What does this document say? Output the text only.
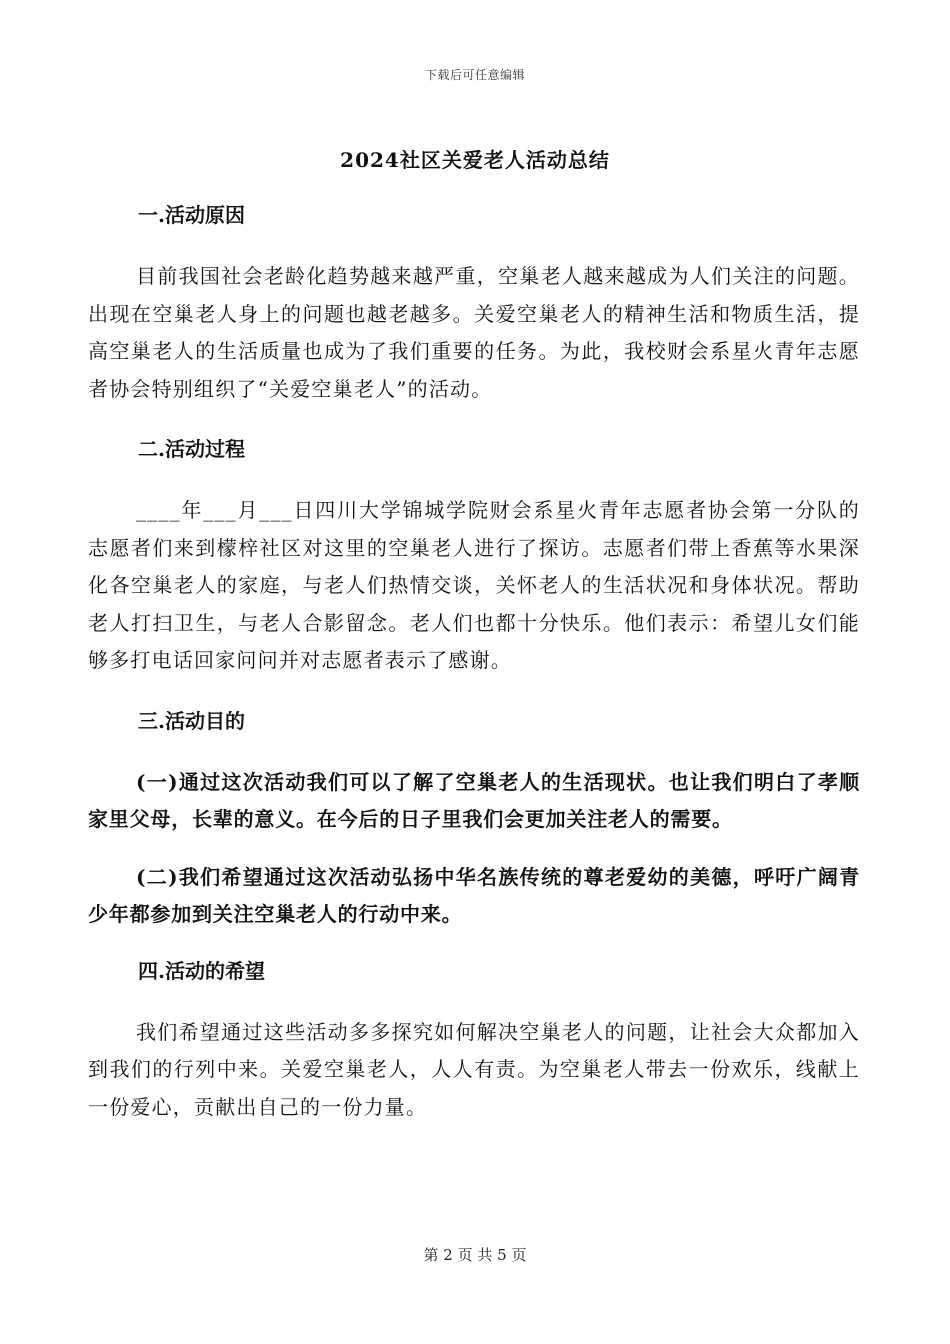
下载后可任意编辑
2024社区关爱老人活动总结
一.活动原因

目前我国社会老龄化趋势越来越严重，空巢老人越来越成为人们关注的问题。出现在空巢老人身上的问题也越老越多。关爱空巢老人的精神生活和物质生活，提高空巢老人的生活质量也成为了我们重要的任务。为此，我校财会系星火青年志愿者协会特别组织了“关爱空巢老人”的活动。

二.活动过程

____年___月___日四川大学锦城学院财会系星火青年志愿者协会第一分队的志愿者们来到檬梓社区对这里的空巢老人进行了探访。志愿者们带上香蕉等水果深化各空巢老人的家庭，与老人们热情交谈，关怀老人的生活状况和身体状况。帮助老人打扫卫生，与老人合影留念。老人们也都十分快乐。他们表示：希望儿女们能够多打电话回家问问并对志愿者表示了感谢。

三.活动目的

(一)通过这次活动我们可以了解了空巢老人的生活现状。也让我们明白了孝顺家里父母，长辈的意义。在今后的日子里我们会更加关注老人的需要。

(二)我们希望通过这次活动弘扬中华名族传统的尊老爱幼的美德，呼吁广阔青少年都参加到关注空巢老人的行动中来。

四.活动的希望

我们希望通过这些活动多多探究如何解决空巢老人的问题，让社会大众都加入到我们的行列中来。关爱空巢老人，人人有责。为空巢老人带去一份欢乐，线献上一份爱心，贡献出自己的一份力量。

第 2 页 共 5 页
